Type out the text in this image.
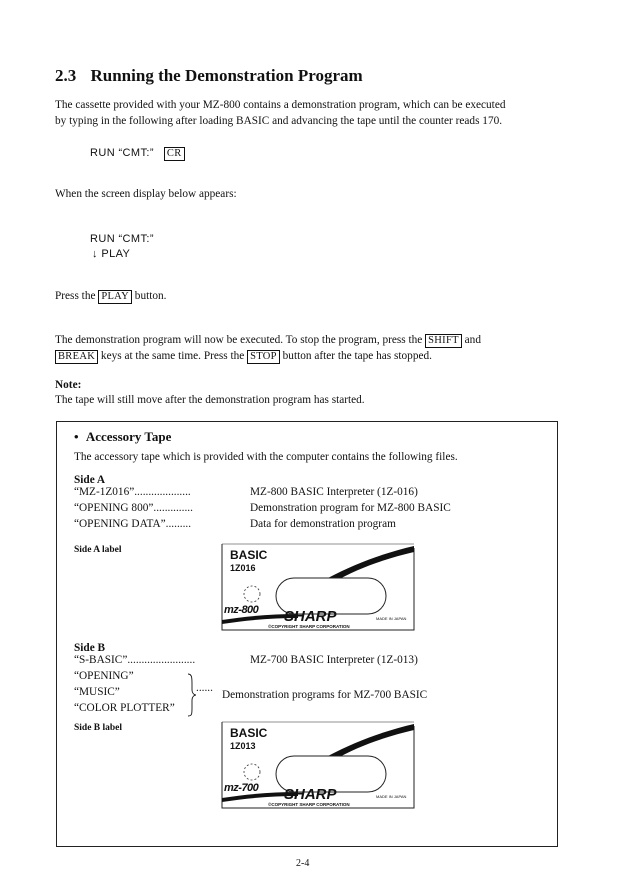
2.3 Running the Demonstration Program

The cassette provided with your MZ-800 contains a demonstration program, which can be executed

by typing in the following after loading BASIC and advancing the tape until the counter reads 170.

RUN “CMT:” CR

When the screen display below appears:

RUN “CMT:”
↓ PLAY

Press the PLAY button.

The demonstration program will now be executed. To stop the program, press the SHIFT and

BREAK keys at the same time. Press the STOP button after the tape has stopped.

Note:

The tape will still move after the demonstration program has started.

• Accessory Tape

The accessory tape which is provided with the computer contains the following files.

Side A

“MZ-1Z016”....................	MZ-800 BASIC Interpreter (1Z-016)
“OPENING 800”..............	Demonstration program for MZ-800 BASIC
“OPENING DATA”.........	Data for demonstration program

Side A label	BASIC
1Z016
mz-800 SHARP
©COPYRIGHT SHARP CORPORATION
MADE IN JAPAN

Side B

“S-BASIC”........................	MZ-700 BASIC Interpreter (1Z-013)
“OPENING”
“MUSIC”
“COLOR PLOTTER”
......
Demonstration programs for MZ-700 BASIC

Side B label	BASIC
1Z013
mz-700 SHARP
©COPYRIGHT SHARP CORPORATION
MADE IN JAPAN

2-4
